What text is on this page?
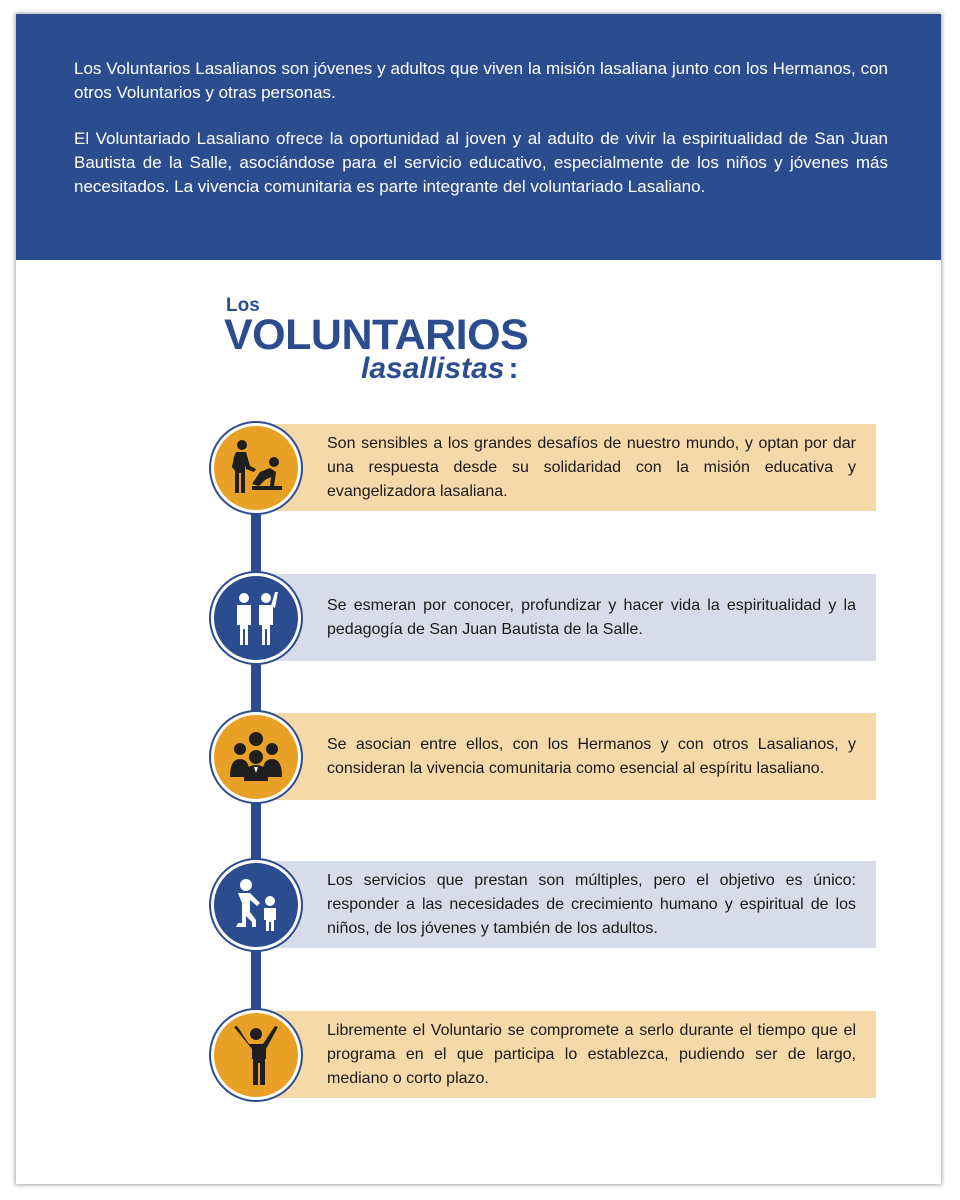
Los Voluntarios Lasalianos son jóvenes y adultos que viven la misión lasaliana junto con los Hermanos, con otros Voluntarios y otras personas.

El Voluntariado Lasaliano ofrece la oportunidad al joven y al adulto de vivir la espiritualidad de San Juan Bautista de la Salle, asociándose para el servicio educativo, especialmente de los niños y jóvenes más necesitados. La vivencia comunitaria es parte integrante del voluntariado Lasaliano.

Los
VOLUNTARIOS
lasallistas :
Son sensibles a los grandes desafíos de nuestro mundo, y optan por dar una respuesta desde su solidaridad con la misión educativa y evangelizadora lasaliana.
Se esmeran por conocer, profundizar y hacer vida la espiritualidad y la pedagogía de San Juan Bautista de la Salle.
Se asocian entre ellos, con los Hermanos y con otros Lasalianos, y consideran la vivencia comunitaria como esencial al espíritu lasaliano.
Los servicios que prestan son múltiples, pero el objetivo es único: responder a las necesidades de crecimiento humano y espiritual de los niños, de los jóvenes y también de los adultos.
Libremente el Voluntario se compromete a serlo durante el tiempo que el programa en el que participa lo establezca, pudiendo ser de largo, mediano o corto plazo.
